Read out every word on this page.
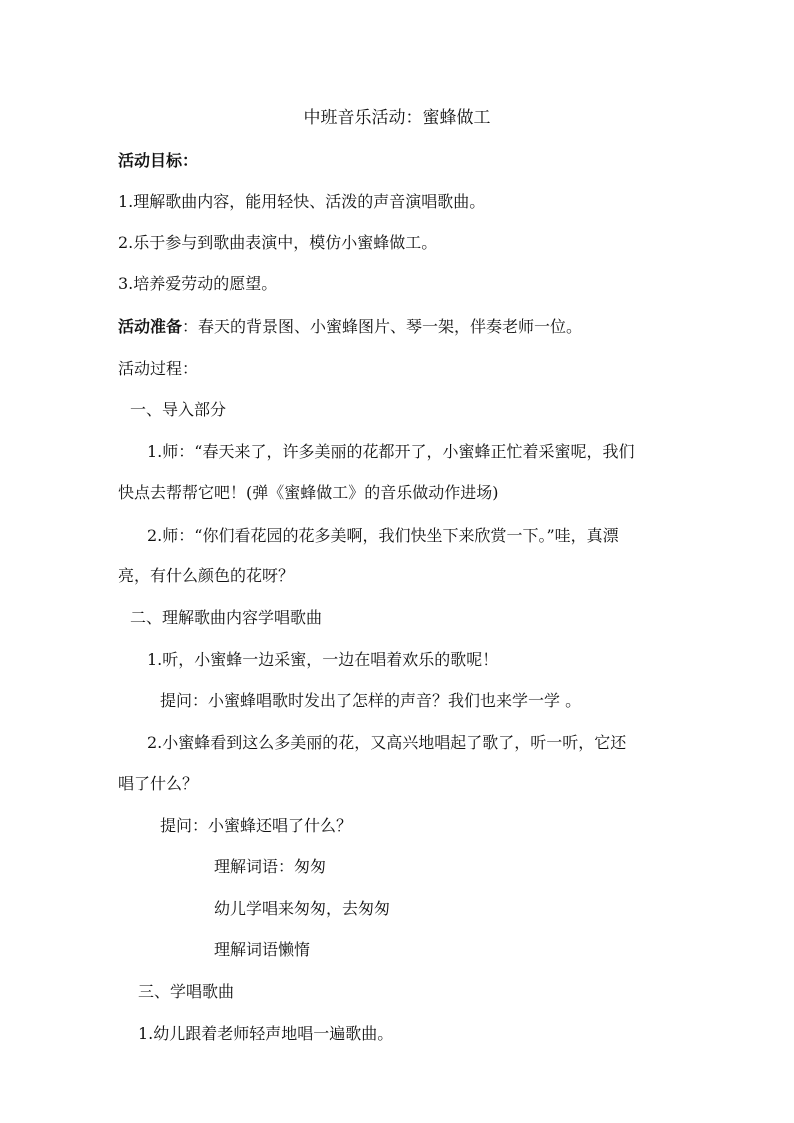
中班音乐活动：蜜蜂做工
活动目标：
1.理解歌曲内容，能用轻快、活泼的声音演唱歌曲。
2.乐于参与到歌曲表演中，模仿小蜜蜂做工。
3.培养爱劳动的愿望。
活动准备：春天的背景图、小蜜蜂图片、琴一架，伴奏老师一位。
活动过程：
一、导入部分
1.师：“春天来了，许多美丽的花都开了，小蜜蜂正忙着采蜜呢，我们
快点去帮帮它吧！(弹《蜜蜂做工》的音乐做动作进场)
2.师：“你们看花园的花多美啊，我们快坐下来欣赏一下。”哇，真漂
亮，有什么颜色的花呀？
二、理解歌曲内容学唱歌曲
1.听，小蜜蜂一边采蜜，一边在唱着欢乐的歌呢！
提问：小蜜蜂唱歌时发出了怎样的声音？我们也来学一学 。
2.小蜜蜂看到这么多美丽的花，又高兴地唱起了歌了，听一听，它还
唱了什么？
提问：小蜜蜂还唱了什么？
理解词语：匆匆
幼儿学唱来匆匆，去匆匆
理解词语懒惰
三、学唱歌曲
1.幼儿跟着老师轻声地唱一遍歌曲。
